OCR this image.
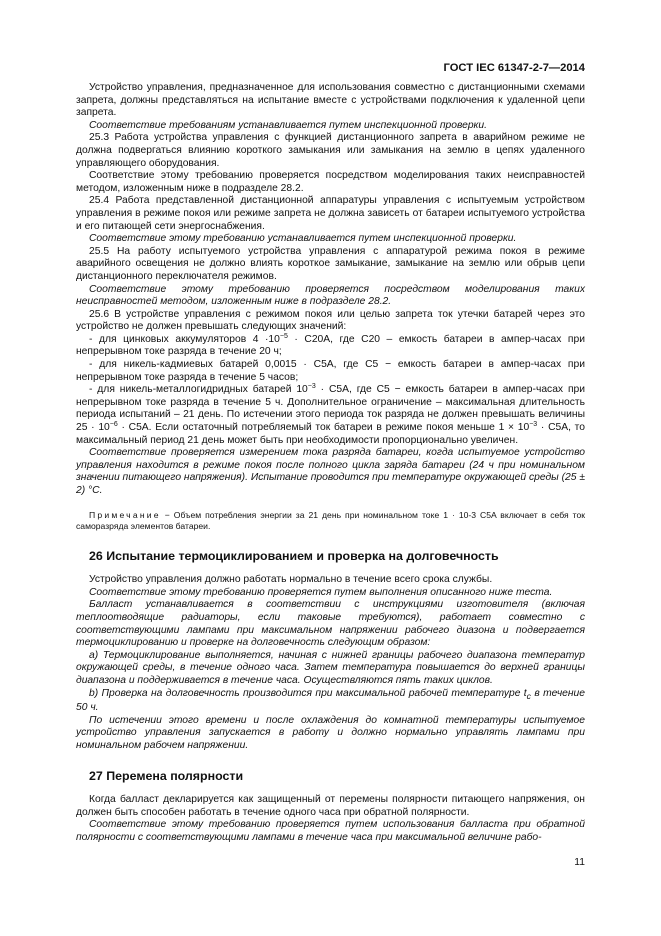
ГОСТ IEC 61347-2-7—2014

Устройство управления, предназначенное для использования совместно с дистанционными схемами запрета, должны представляться на испытание вместе с устройствами подключения к удаленной цепи запрета.

Соответствие требованиям устанавливается путем инспекционной проверки.

25.3 Работа устройства управления с функцией дистанционного запрета в аварийном режиме не должна подвергаться влиянию короткого замыкания или замыкания на землю в цепях удаленного управляющего оборудования.

Соответствие этому требованию проверяется посредством моделирования таких неисправностей методом, изложенным ниже в подразделе 28.2.

25.4 Работа представленной дистанционной аппаратуры управления с испытуемым устройством управления в режиме покоя или режиме запрета не должна зависеть от батареи испытуемого устройства и его питающей сети энергоснабжения.

Соответствие этому требованию устанавливается путем инспекционной проверки.

25.5 На работу испытуемого устройства управления с аппаратурой режима покоя в режиме аварийного освещения не должно влиять короткое замыкание, замыкание на землю или обрыв цепи дистанционного переключателя режимов.

Соответствие этому требованию проверяется посредством моделирования таких неисправностей методом, изложенным ниже в подразделе 28.2.

25.6 В устройстве управления с режимом покоя или целью запрета ток утечки батарей через это устройство не должен превышать следующих значений:

- для цинковых аккумуляторов $4 \cdot 10^{-5} \cdot C20A$, где C20 – емкость батареи в ампер-часах при непрерывном токе разряда в течение 20 ч;

- для никель-кадмиевых батарей 0,0015 · C5A, где C5 − емкость батареи в ампер-часах при непрерывном токе разряда в течение 5 часов;

- для никель-металлогидридных батарей $10^{-3} \cdot C5A$, где C5 − емкость батареи в ампер-часах при непрерывном токе разряда в течение 5 ч. Дополнительное ограничение – максимальная длительность периода испытаний – 21 день. По истечении этого периода ток разряда не должен превышать величины $25 \cdot 10^{-6} \cdot C5A$. Если остаточный потребляемый ток батареи в режиме покоя меньше $1 \times 10^{-3} \cdot C5A$, то максимальный период 21 день может быть при необходимости пропорционально увеличен.

Соответствие проверяется измерением тока разряда батареи, когда испытуемое устройство управления находится в режиме покоя после полного цикла заряда батареи (24 ч при номинальном значении питающего напряжения). Испытание проводится при температуре окружающей среды (25 ± 2) °C.

Примечание − Объем потребления энергии за 21 день при номинальном токе 1 · 10-3 C5A включает в себя ток саморазряда элементов батареи.

26 Испытание термоциклированием и проверка на долговечность

Устройство управления должно работать нормально в течение всего срока службы.

Соответствие этому требованию проверяется путем выполнения описанного ниже теста.

Балласт устанавливается в соответствии с инструкциями изготовителя (включая теплоотводящие радиаторы, если таковые требуются), работает совместно с соответствующими лампами при максимальном напряжении рабочего диазона и подвергается термоциклированию и проверке на долговечность следующим образом:

a) Термоциклирование выполняется, начиная с нижней границы рабочего диапазона температур окружающей среды, в течение одного часа. Затем температура повышается до верхней границы диапазона и поддерживается в течение часа. Осуществляются пять таких циклов.

b) Проверка на долговечность производится при максимальной рабочей температуре $t_c$ в течение 50 ч.

По истечении этого времени и после охлаждения до комнатной температуры испытуемое устройство управления запускается в работу и должно нормально управлять лампами при номинальном рабочем напряжении.

27 Перемена полярности

Когда балласт декларируется как защищенный от перемены полярности питающего напряжения, он должен быть способен работать в течение одного часа при обратной полярности.

Соответствие этому требованию проверяется путем использования балласта при обратной полярности с соответствующими лампами в течение часа при максимальной величине рабо-

11
